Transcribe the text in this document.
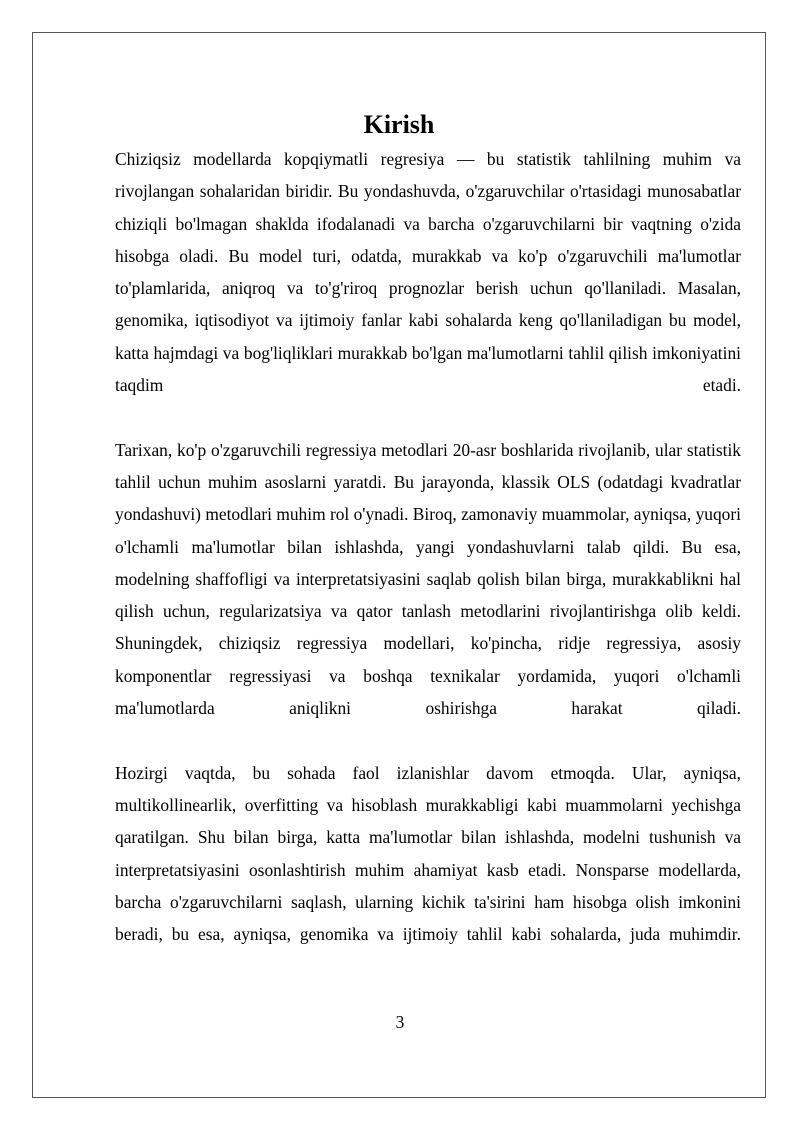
Kirish

Chiziqsiz modellarda kopqiymatli regresiya — bu statistik tahlilning muhim va rivojlangan sohalaridan biridir. Bu yondashuvda, o'zgaruvchilar o'rtasidagi munosabatlar chiziqli bo'lmagan shaklda ifodalanadi va barcha o'zgaruvchilarni bir vaqtning o'zida hisobga oladi. Bu model turi, odatda, murakkab va ko'p o'zgaruvchili ma'lumotlar to'plamlarida, aniqroq va to'g'riroq prognozlar berish uchun qo'llaniladi. Masalan, genomika, iqtisodiyot va ijtimoiy fanlar kabi sohalarda keng qo'llaniladigan bu model, katta hajmdagi va bog'liqliklari murakkab bo'lgan ma'lumotlarni tahlil qilish imkoniyatini taqdim etadi.

Tarixan, ko'p o'zgaruvchili regressiya metodlari 20-asr boshlarida rivojlanib, ular statistik tahlil uchun muhim asoslarni yaratdi. Bu jarayonda, klassik OLS (odatdagi kvadratlar yondashuvi) metodlari muhim rol o'ynadi. Biroq, zamonaviy muammolar, ayniqsa, yuqori o'lchamli ma'lumotlar bilan ishlashda, yangi yondashuvlarni talab qildi. Bu esa, modelning shaffofligi va interpretatsiyasini saqlab qolish bilan birga, murakkablikni hal qilish uchun, regularizatsiya va qator tanlash metodlarini rivojlantirishga olib keldi. Shuningdek, chiziqsiz regressiya modellari, ko'pincha, ridje regressiya, asosiy komponentlar regressiyasi va boshqa texnikalar yordamida, yuqori o'lchamli ma'lumotlarda aniqlikni oshirishga harakat qiladi.

Hozirgi vaqtda, bu sohada faol izlanishlar davom etmoqda. Ular, ayniqsa, multikollinearlik, overfitting va hisoblash murakkabligi kabi muammolarni yechishga qaratilgan. Shu bilan birga, katta ma'lumotlar bilan ishlashda, modelni tushunish va interpretatsiyasini osonlashtirish muhim ahamiyat kasb etadi. Nonsparse modellarda, barcha o'zgaruvchilarni saqlash, ularning kichik ta'sirini ham hisobga olish imkonini beradi, bu esa, ayniqsa, genomika va ijtimoiy tahlil kabi sohalarda, juda muhimdir.

3
